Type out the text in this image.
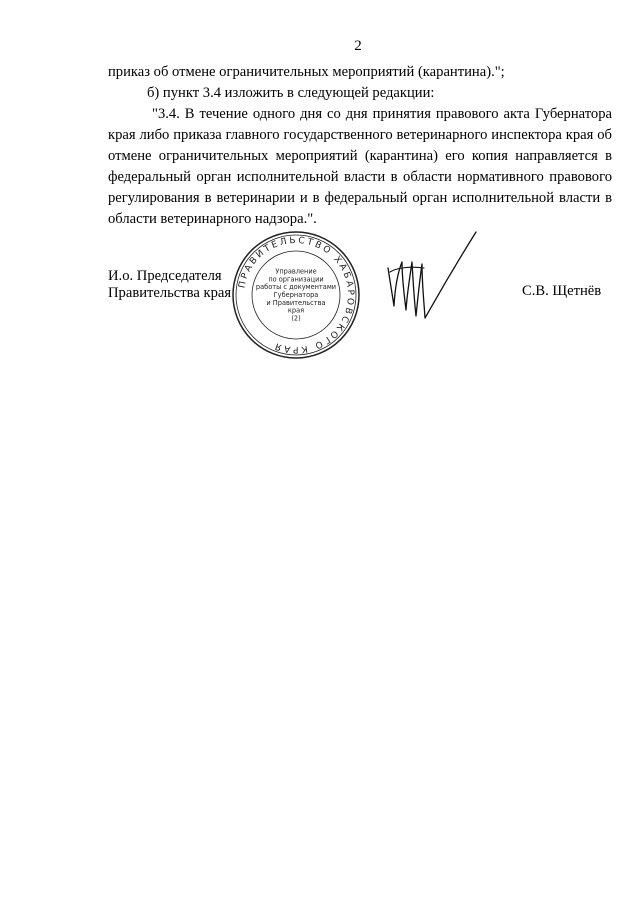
2

приказ об отмене ограничительных мероприятий (карантина).";

б) пункт 3.4 изложить в следующей редакции:

"3.4. В течение одного дня со дня принятия правового акта Губернатора края либо приказа главного государственного ветеринарного инспектора края об отмене ограничительных мероприятий (карантина) его копия направляется в федеральный орган исполнительной власти в области нормативного правового регулирования в ветеринарии и в федеральный орган исполнительной власти в области ветеринарного надзора.".

И.о. Председателя
Правительства края
ПРАВИТЕЛЬСТВО ХАБАРОВСКОГО КРАЯ
Управление
по организации
работы с документами
Губернатора
и Правительства
края
(2)
С.В. Щетнёв
